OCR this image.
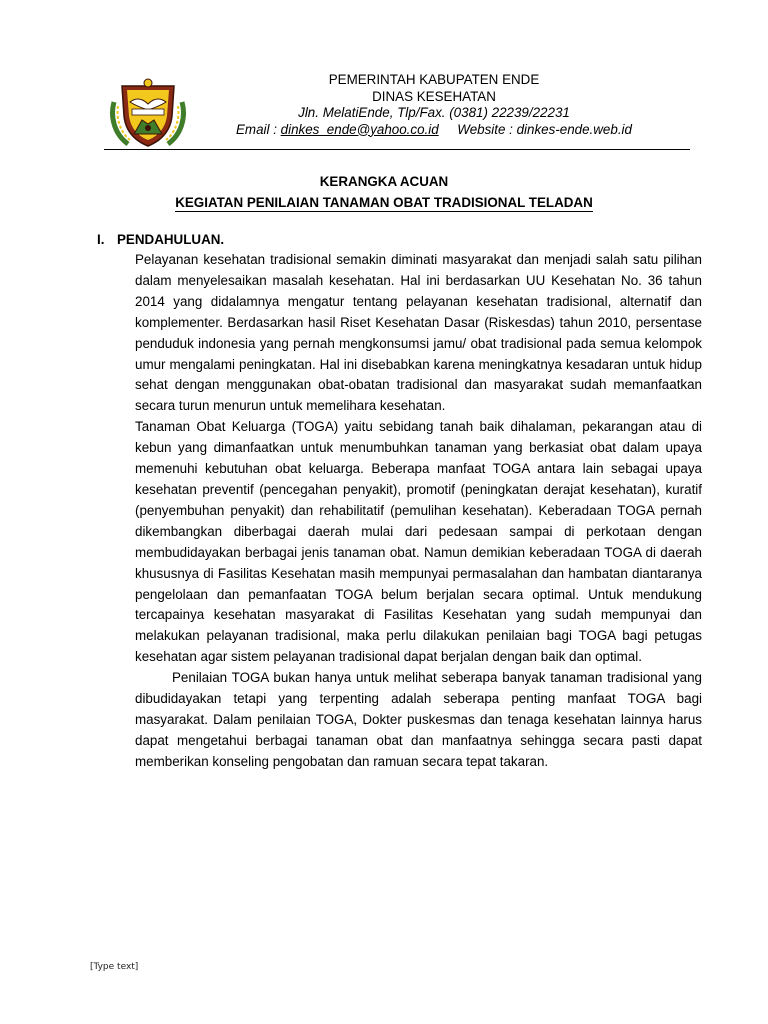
PEMERINTAH KABUPATEN ENDE
DINAS KESEHATAN
Jln. MelatiEnde, Tlp/Fax. (0381) 22239/22231
Email : dinkes_ende@yahoo.co.id Website : dinkes-ende.web.id
KERANGKA ACUAN
KEGIATAN PENILAIAN TANAMAN OBAT TRADISIONAL TELADAN
I. PENDAHULUAN.

Pelayanan kesehatan tradisional semakin diminati masyarakat dan menjadi salah satu pilihan dalam menyelesaikan masalah kesehatan. Hal ini berdasarkan UU Kesehatan No. 36 tahun 2014 yang didalamnya mengatur tentang pelayanan kesehatan tradisional, alternatif dan komplementer. Berdasarkan hasil Riset Kesehatan Dasar (Riskesdas) tahun 2010, persentase penduduk indonesia yang pernah mengkonsumsi jamu/ obat tradisional pada semua kelompok umur mengalami peningkatan. Hal ini disebabkan karena meningkatnya kesadaran untuk hidup sehat dengan menggunakan obat-obatan tradisional dan masyarakat sudah memanfaatkan secara turun menurun untuk memelihara kesehatan.

Tanaman Obat Keluarga (TOGA) yaitu sebidang tanah baik dihalaman, pekarangan atau di kebun yang dimanfaatkan untuk menumbuhkan tanaman yang berkasiat obat dalam upaya memenuhi kebutuhan obat keluarga. Beberapa manfaat TOGA antara lain sebagai upaya kesehatan preventif (pencegahan penyakit), promotif (peningkatan derajat kesehatan), kuratif (penyembuhan penyakit) dan rehabilitatif (pemulihan kesehatan). Keberadaan TOGA pernah dikembangkan diberbagai daerah mulai dari pedesaan sampai di perkotaan dengan membudidayakan berbagai jenis tanaman obat. Namun demikian keberadaan TOGA di daerah khususnya di Fasilitas Kesehatan masih mempunyai permasalahan dan hambatan diantaranya pengelolaan dan pemanfaatan TOGA belum berjalan secara optimal. Untuk mendukung tercapainya kesehatan masyarakat di Fasilitas Kesehatan yang sudah mempunyai dan melakukan pelayanan tradisional, maka perlu dilakukan penilaian bagi TOGA bagi petugas kesehatan agar sistem pelayanan tradisional dapat berjalan dengan baik dan optimal.

Penilaian TOGA bukan hanya untuk melihat seberapa banyak tanaman tradisional yang dibudidayakan tetapi yang terpenting adalah seberapa penting manfaat TOGA bagi masyarakat. Dalam penilaian TOGA, Dokter puskesmas dan tenaga kesehatan lainnya harus dapat mengetahui berbagai tanaman obat dan manfaatnya sehingga secara pasti dapat memberikan konseling pengobatan dan ramuan secara tepat takaran.

[Type text]
